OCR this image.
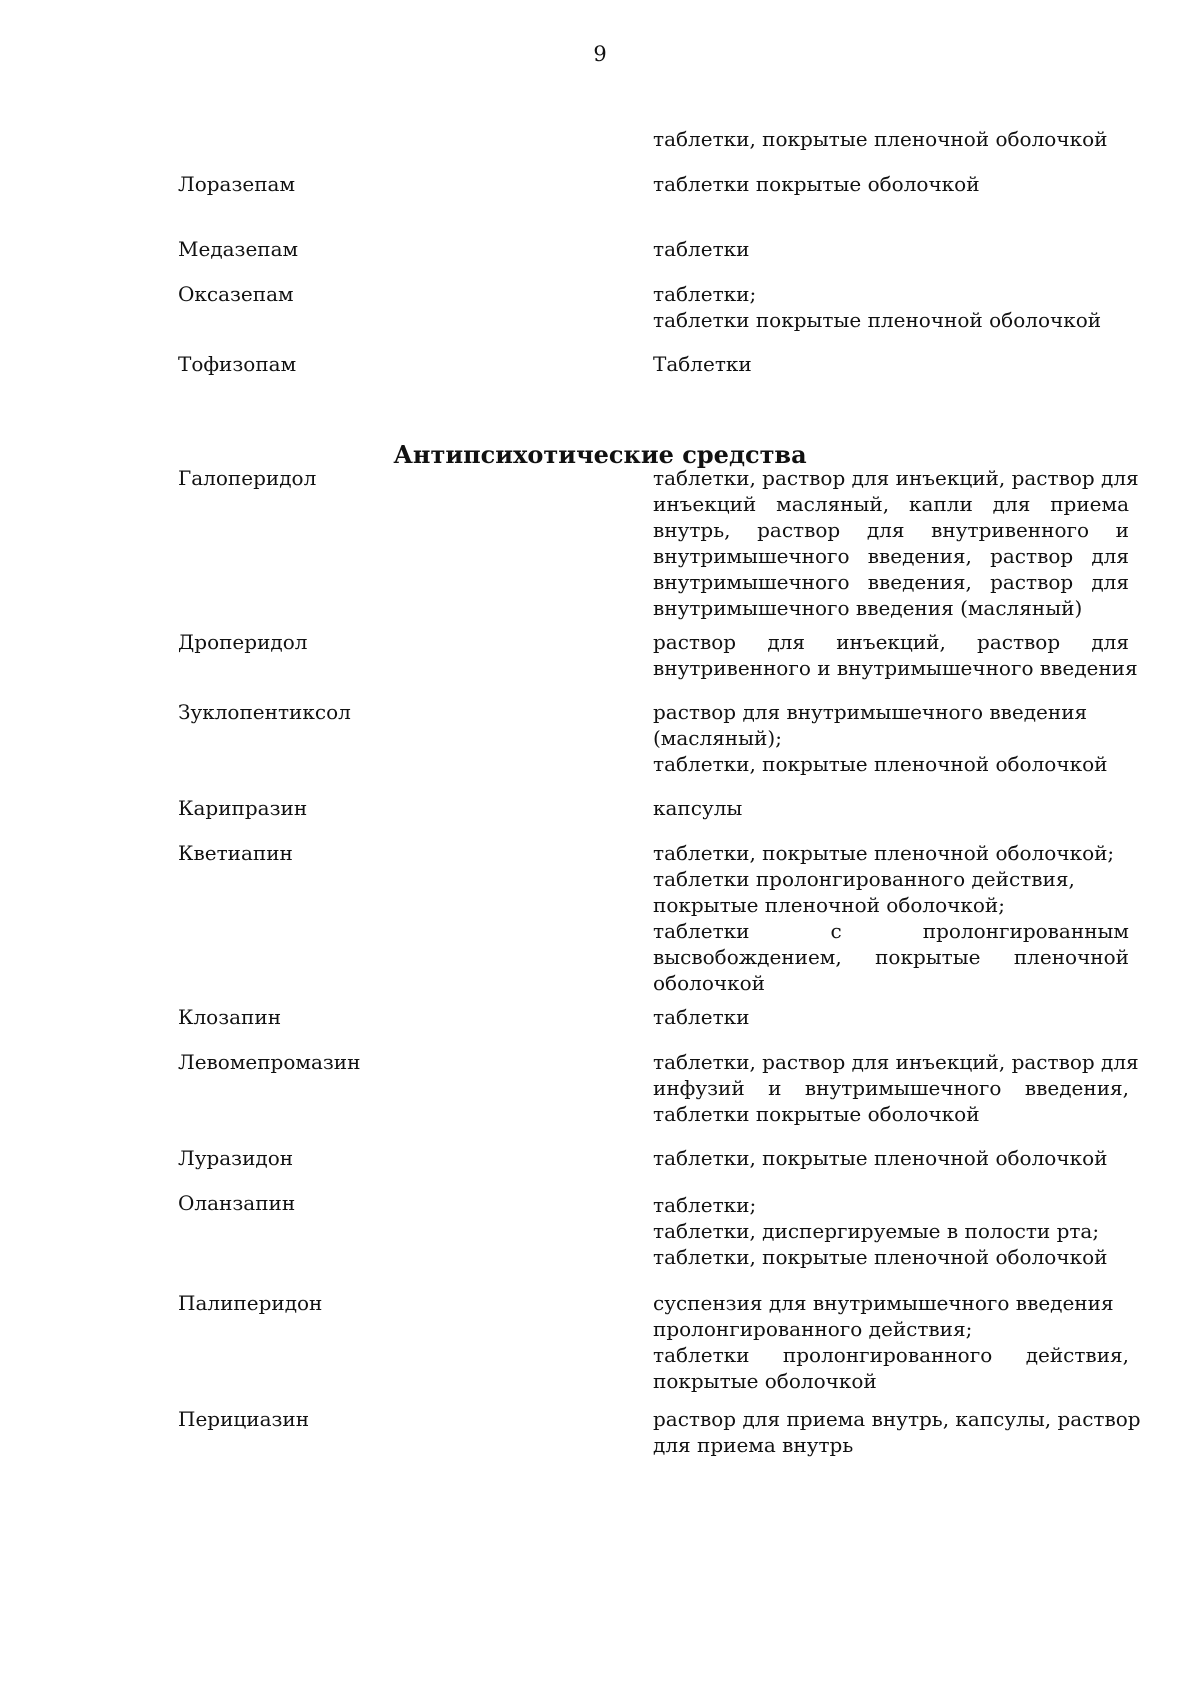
9
таблетки, покрытые пленочной оболочкой
Лоразепам	таблетки покрытые оболочкой
Медазепам	таблетки
Оксазепам	таблетки;
таблетки покрытые пленочной оболочкой
Тофизопам	Таблетки
Антипсихотические средства
Галоперидол	таблетки, раствор для инъекций, раствор для
инъекций масляный, капли для приема
внутрь, раствор для внутривенного и
внутримышечного введения, раствор для
внутримышечного введения, раствор для
внутримышечного введения (масляный)
Дроперидол	раствор для инъекций, раствор для
внутривенного и внутримышечного введения
Зуклопентиксол	раствор для внутримышечного введения
(масляный);
таблетки, покрытые пленочной оболочкой
Карипразин	капсулы
Кветиапин	таблетки, покрытые пленочной оболочкой;
таблетки пролонгированного действия,
покрытые пленочной оболочкой;
таблетки с пролонгированным
высвобождением, покрытые пленочной
оболочкой
Клозапин	таблетки
Левомепромазин	таблетки, раствор для инъекций, раствор для
инфузий и внутримышечного введения,
таблетки покрытые оболочкой
Луразидон	таблетки, покрытые пленочной оболочкой
Оланзапин	таблетки;
таблетки, диспергируемые в полости рта;
таблетки, покрытые пленочной оболочкой
Палиперидон	суспензия для внутримышечного введения
пролонгированного действия;
таблетки пролонгированного действия,
покрытые оболочкой
Перициазин	раствор для приема внутрь, капсулы, раствор
для приема внутрь
